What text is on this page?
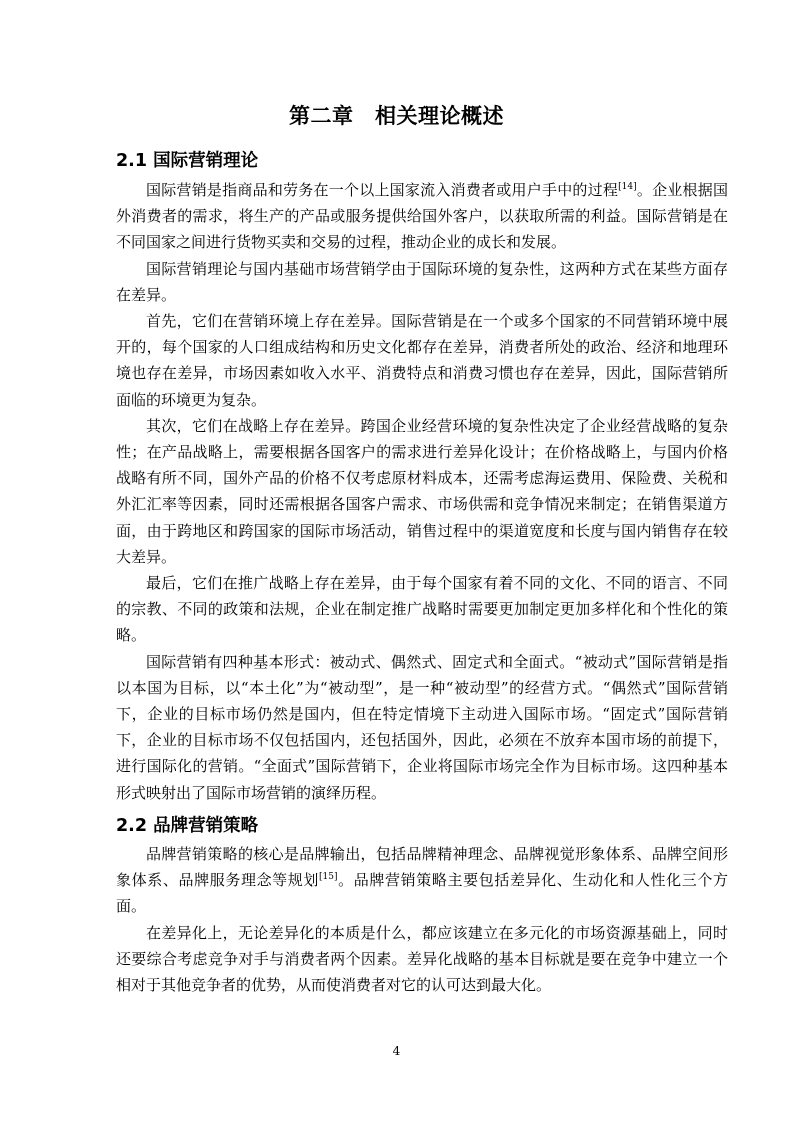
第二章　相关理论概述
2.1 国际营销理论

国际营销是指商品和劳务在一个以上国家流入消费者或用户手中的过程[14]。企业根据国外消费者的需求，将生产的产品或服务提供给国外客户，以获取所需的利益。国际营销是在不同国家之间进行货物买卖和交易的过程，推动企业的成长和发展。

国际营销理论与国内基础市场营销学由于国际环境的复杂性，这两种方式在某些方面存在差异。

首先，它们在营销环境上存在差异。国际营销是在一个或多个国家的不同营销环境中展开的，每个国家的人口组成结构和历史文化都存在差异，消费者所处的政治、经济和地理环境也存在差异，市场因素如收入水平、消费特点和消费习惯也存在差异，因此，国际营销所面临的环境更为复杂。

其次，它们在战略上存在差异。跨国企业经营环境的复杂性决定了企业经营战略的复杂性；在产品战略上，需要根据各国客户的需求进行差异化设计；在价格战略上，与国内价格战略有所不同，国外产品的价格不仅考虑原材料成本，还需考虑海运费用、保险费、关税和外汇汇率等因素，同时还需根据各国客户需求、市场供需和竞争情况来制定；在销售渠道方面，由于跨地区和跨国家的国际市场活动，销售过程中的渠道宽度和长度与国内销售存在较大差异。

最后，它们在推广战略上存在差异，由于每个国家有着不同的文化、不同的语言、不同的宗教、不同的政策和法规，企业在制定推广战略时需要更加制定更加多样化和个性化的策略。

国际营销有四种基本形式：被动式、偶然式、固定式和全面式。“被动式”国际营销是指以本国为目标，以“本土化”为“被动型”，是一种“被动型”的经营方式。“偶然式”国际营销下，企业的目标市场仍然是国内，但在特定情境下主动进入国际市场。“固定式”国际营销下，企业的目标市场不仅包括国内，还包括国外，因此，必须在不放弃本国市场的前提下，进行国际化的营销。“全面式”国际营销下，企业将国际市场完全作为目标市场。这四种基本形式映射出了国际市场营销的演绎历程。

2.2 品牌营销策略

品牌营销策略的核心是品牌输出，包括品牌精神理念、品牌视觉形象体系、品牌空间形象体系、品牌服务理念等规划[15]。品牌营销策略主要包括差异化、生动化和人性化三个方面。

在差异化上，无论差异化的本质是什么，都应该建立在多元化的市场资源基础上，同时还要综合考虑竞争对手与消费者两个因素。差异化战略的基本目标就是要在竞争中建立一个相对于其他竞争者的优势，从而使消费者对它的认可达到最大化。

4
